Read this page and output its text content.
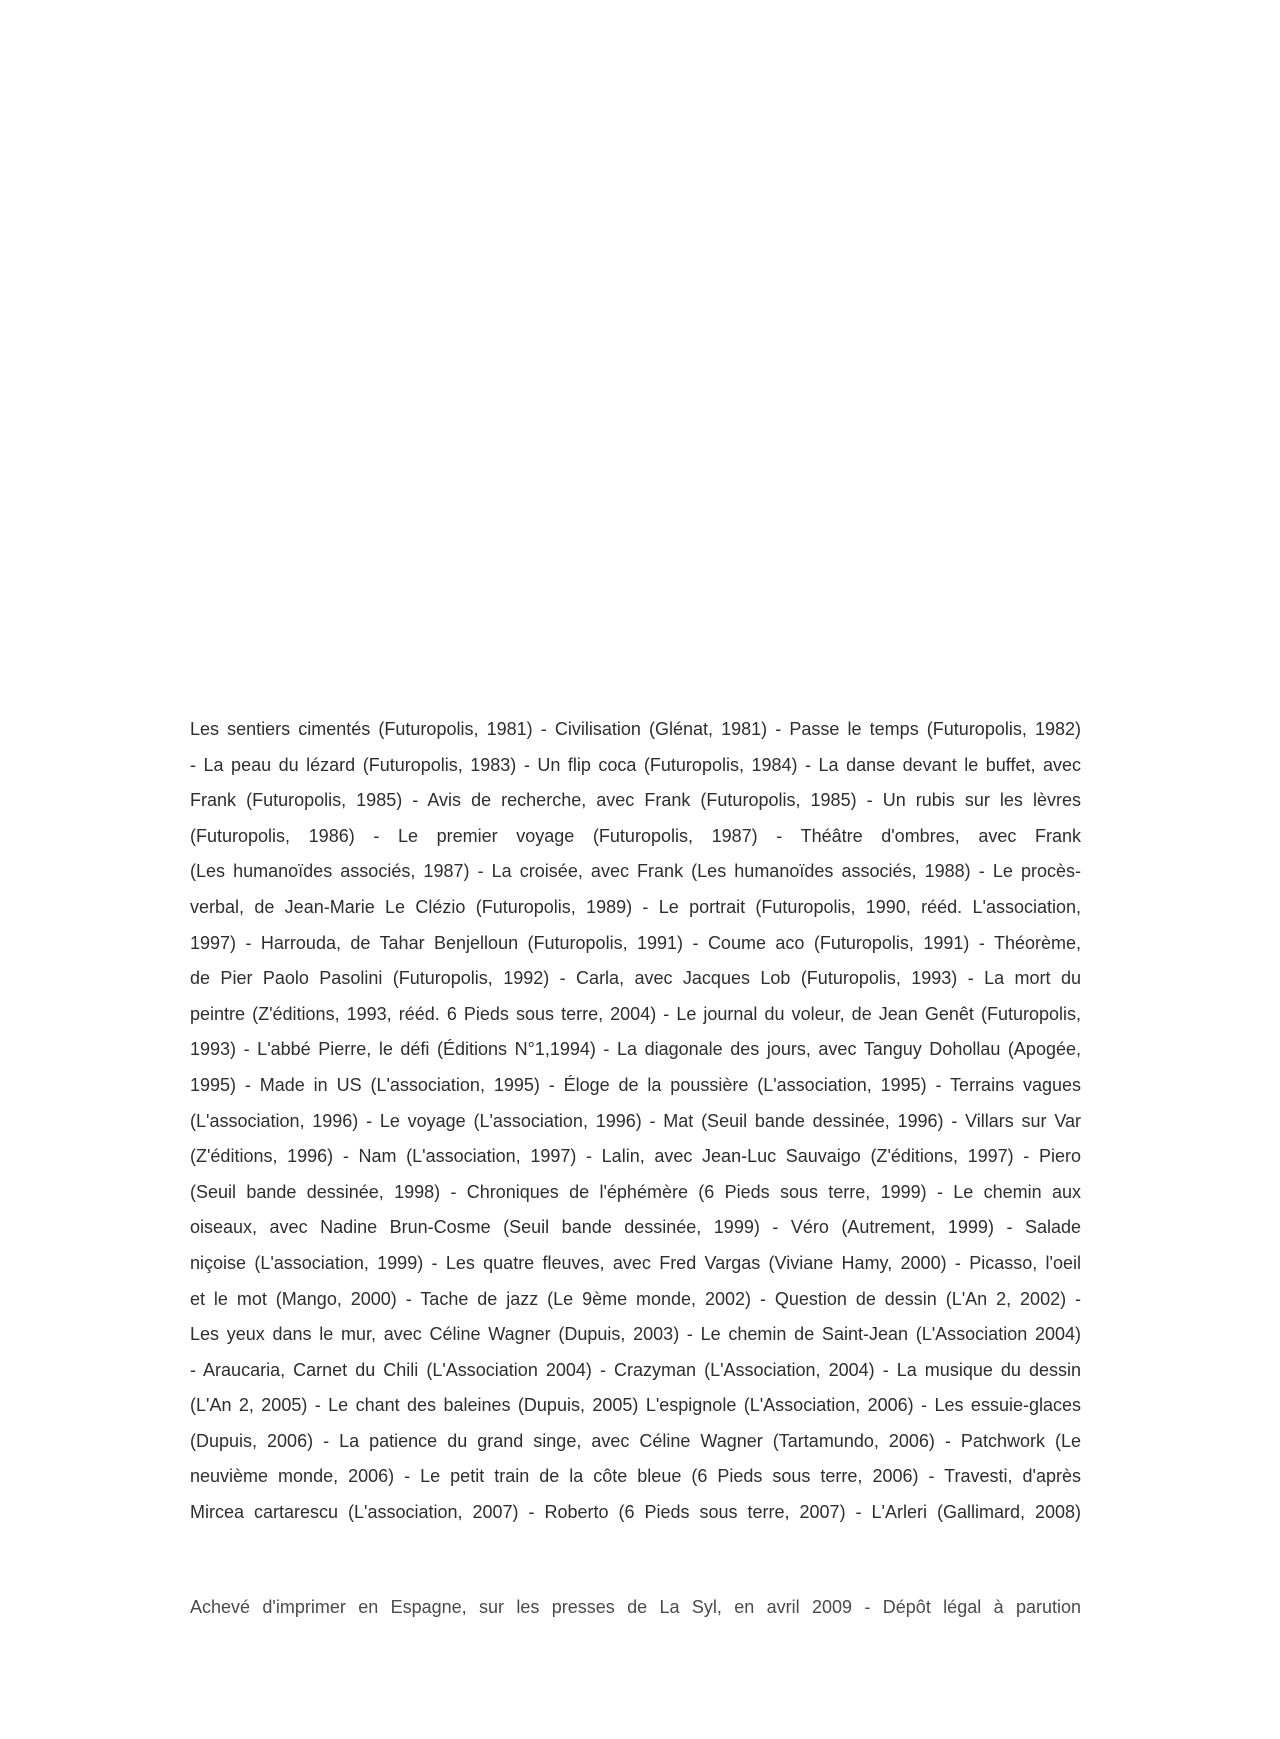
Les sentiers cimentés (Futuropolis, 1981) - Civilisation (Glénat, 1981) - Passe le temps (Futuropolis, 1982)
- La peau du lézard (Futuropolis, 1983) - Un flip coca (Futuropolis, 1984) - La danse devant le buffet, avec
Frank (Futuropolis, 1985) - Avis de recherche, avec Frank (Futuropolis, 1985) - Un rubis sur les lèvres
(Futuropolis, 1986) - Le premier voyage (Futuropolis, 1987) - Théâtre d'ombres, avec Frank
(Les humanoïdes associés, 1987) - La croisée, avec Frank (Les humanoïdes associés, 1988) - Le procès-
verbal, de Jean-Marie Le Clézio (Futuropolis, 1989) - Le portrait (Futuropolis, 1990, rééd. L'association,
1997) - Harrouda, de Tahar Benjelloun (Futuropolis, 1991) - Coume aco (Futuropolis, 1991) - Théorème,
de Pier Paolo Pasolini (Futuropolis, 1992) - Carla, avec Jacques Lob (Futuropolis, 1993) - La mort du
peintre (Z'éditions, 1993, rééd. 6 Pieds sous terre, 2004) - Le journal du voleur, de Jean Genêt (Futuropolis,
1993) - L'abbé Pierre, le défi (Éditions N°1,1994) - La diagonale des jours, avec Tanguy Dohollau (Apogée,
1995) - Made in US (L'association, 1995) - Éloge de la poussière (L'association, 1995) - Terrains vagues
(L'association, 1996) - Le voyage (L'association, 1996) - Mat (Seuil bande dessinée, 1996) - Villars sur Var
(Z'éditions, 1996) - Nam (L'association, 1997) - Lalin, avec Jean-Luc Sauvaigo (Z'éditions, 1997) - Piero
(Seuil bande dessinée, 1998) - Chroniques de l'éphémère (6 Pieds sous terre, 1999) - Le chemin aux
oiseaux, avec Nadine Brun-Cosme (Seuil bande dessinée, 1999) - Véro (Autrement, 1999) - Salade
niçoise (L'association, 1999) - Les quatre fleuves, avec Fred Vargas (Viviane Hamy, 2000) - Picasso, l'oeil
et le mot (Mango, 2000) - Tache de jazz (Le 9ème monde, 2002) - Question de dessin (L'An 2, 2002) -
Les yeux dans le mur, avec Céline Wagner (Dupuis, 2003) - Le chemin de Saint-Jean (L'Association 2004)
- Araucaria, Carnet du Chili (L'Association 2004) - Crazyman (L'Association, 2004) - La musique du dessin
(L'An 2, 2005) - Le chant des baleines (Dupuis, 2005) L'espignole (L'Association, 2006) - Les essuie-glaces
(Dupuis, 2006) - La patience du grand singe, avec Céline Wagner (Tartamundo, 2006) - Patchwork (Le
neuvième monde, 2006) - Le petit train de la côte bleue (6 Pieds sous terre, 2006) - Travesti, d'après
Mircea cartarescu (L'association, 2007) - Roberto (6 Pieds sous terre, 2007) - L'Arleri (Gallimard, 2008)
Achevé d'imprimer en Espagne, sur les presses de La Syl, en avril 2009 - Dépôt légal à parution
